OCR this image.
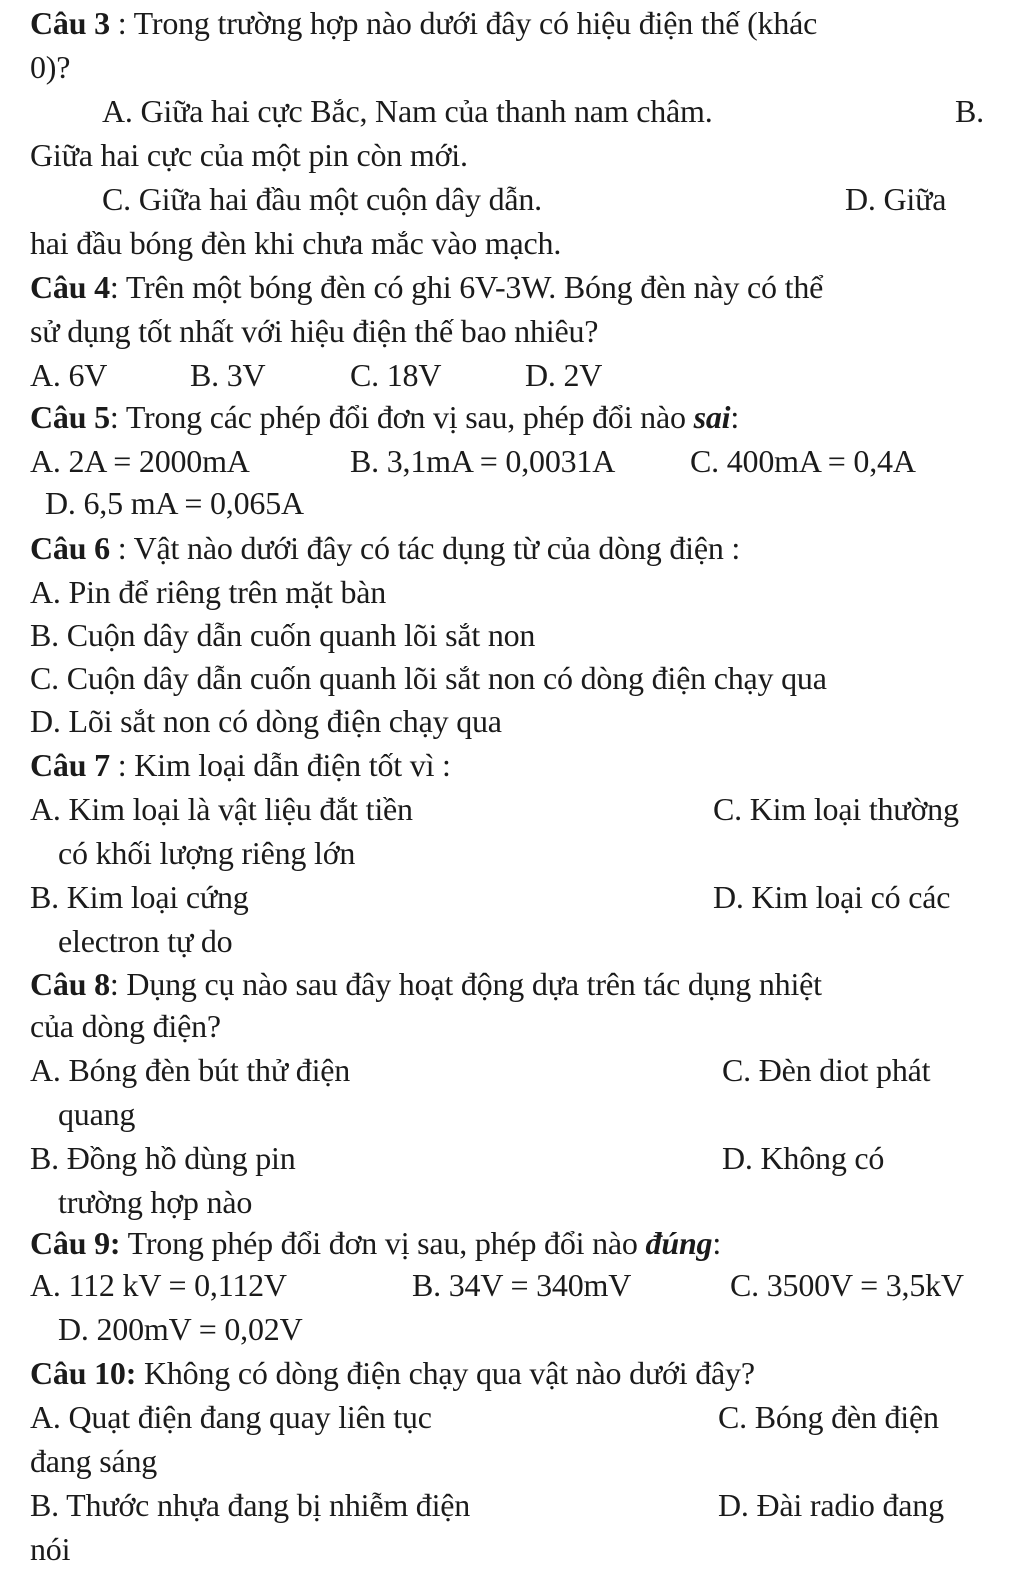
Câu 3 : Trong trường hợp nào dưới đây có hiệu điện thế (khác
0)?
A. Giữa hai cực Bắc, Nam của thanh nam châm.	B.
Giữa hai cực của một pin còn mới.
C. Giữa hai đầu một cuộn dây dẫn.	D. Giữa
hai đầu bóng đèn khi chưa mắc vào mạch.
Câu 4: Trên một bóng đèn có ghi 6V-3W. Bóng đèn này có thể
sử dụng tốt nhất với hiệu điện thế bao nhiêu?
A. 6V	B. 3V	C. 18V	D. 2V
Câu 5: Trong các phép đổi đơn vị sau, phép đổi nào sai:
A. 2A = 2000mA	B. 3,1mA = 0,0031A C. 400mA = 0,4A
D. 6,5 mA = 0,065A
Câu 6 : Vật nào dưới đây có tác dụng từ của dòng điện :
A. Pin để riêng trên mặt bàn
B. Cuộn dây dẫn cuốn quanh lõi sắt non
C. Cuộn dây dẫn cuốn quanh lõi sắt non có dòng điện chạy qua
D. Lõi sắt non có dòng điện chạy qua
Câu 7 : Kim loại dẫn điện tốt vì :
A. Kim loại là vật liệu đắt tiền	C. Kim loại thường
có khối lượng riêng lớn
B. Kim loại cứng	D. Kim loại có các
electron tự do
Câu 8: Dụng cụ nào sau đây hoạt động dựa trên tác dụng nhiệt
của dòng điện?
A. Bóng đèn bút thử điện	C. Đèn diot phát
quang
B. Đồng hồ dùng pin	D. Không có
trường hợp nào
Câu 9: Trong phép đổi đơn vị sau, phép đổi nào đúng:
A. 112 kV = 0,112V	B. 34V = 340mV	C. 3500V = 3,5kV
D. 200mV = 0,02V
Câu 10: Không có dòng điện chạy qua vật nào dưới đây?
A. Quạt điện đang quay liên tục	C. Bóng đèn điện
đang sáng
B. Thước nhựa đang bị nhiễm điện	D. Đài radio đang
nói
